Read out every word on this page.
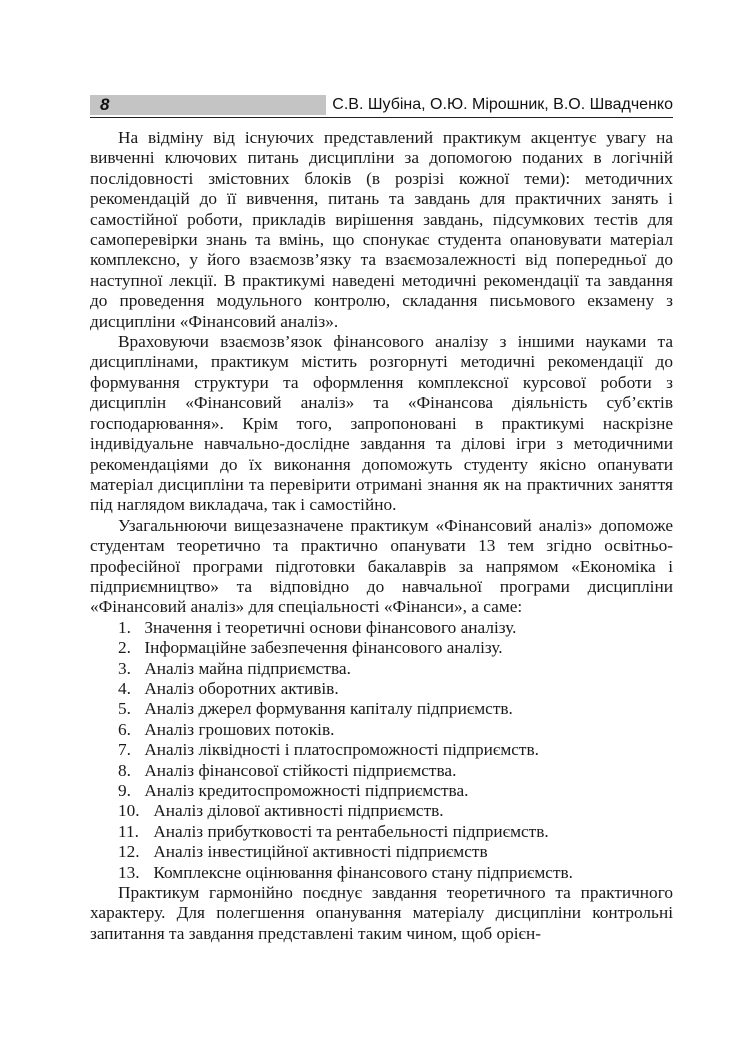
8	С.В. Шубіна, О.Ю. Мірошник, В.О. Швадченко

На відміну від існуючих представлений практикум акцентує увагу на вивченні ключових питань дисципліни за допомогою поданих в логічній послідовності змістовних блоків (в розрізі кожної теми): методичних рекомендацій до її вивчення, питань та завдань для практичних занять і самостійної роботи, прикладів вирішення завдань, підсумкових тестів для самоперевірки знань та вмінь, що спонукає студента опановувати матеріал комплексно, у його взаємозв’язку та взаємозалежності від попередньої до наступної лекції. В практикумі наведені методичні рекомендації та завдання до проведення модульного контролю, складання письмового екзамену з дисципліни «Фінансовий аналіз».

Враховуючи взаємозв’язок фінансового аналізу з іншими науками та дисциплінами, практикум містить розгорнуті методичні рекомендації до формування структури та оформлення комплексної курсової роботи з дисциплін «Фінансовий аналіз» та «Фінансова діяльність суб’єктів господарювання». Крім того, запропоновані в практикумі наскрізне індивідуальне навчально-дослідне завдання та ділові ігри з методичними рекомендаціями до їх виконання допоможуть студенту якісно опанувати матеріал дисципліни та перевірити отримані знання як на практичних заняття під наглядом викладача, так і самостійно.

Узагальнюючи вищезазначене практикум «Фінансовий аналіз» допоможе студентам теоретично та практично опанувати 13 тем згідно освітньо-професійної програми підготовки бакалаврів за напрямом «Економіка і підприємництво» та відповідно до навчальної програми дисципліни «Фінансовий аналіз» для спеціальності «Фінанси», а саме:

1. Значення і теоретичні основи фінансового аналізу.
2. Інформаційне забезпечення фінансового аналізу.
3. Аналіз майна підприємства.
4. Аналіз оборотних активів.
5. Аналіз джерел формування капіталу підприємств.
6. Аналіз грошових потоків.
7. Аналіз ліквідності і платоспроможності підприємств.
8. Аналіз фінансової стійкості підприємства.
9. Аналіз кредитоспроможності підприємства.
10. Аналіз ділової активності підприємств.
11. Аналіз прибутковості та рентабельності підприємств.
12. Аналіз інвестиційної активності підприємств
13. Комплексне оцінювання фінансового стану підприємств.

Практикум гармонійно поєднує завдання теоретичного та практичного характеру. Для полегшення опанування матеріалу дисципліни контрольні запитання та завдання представлені таким чином, щоб орієн-
